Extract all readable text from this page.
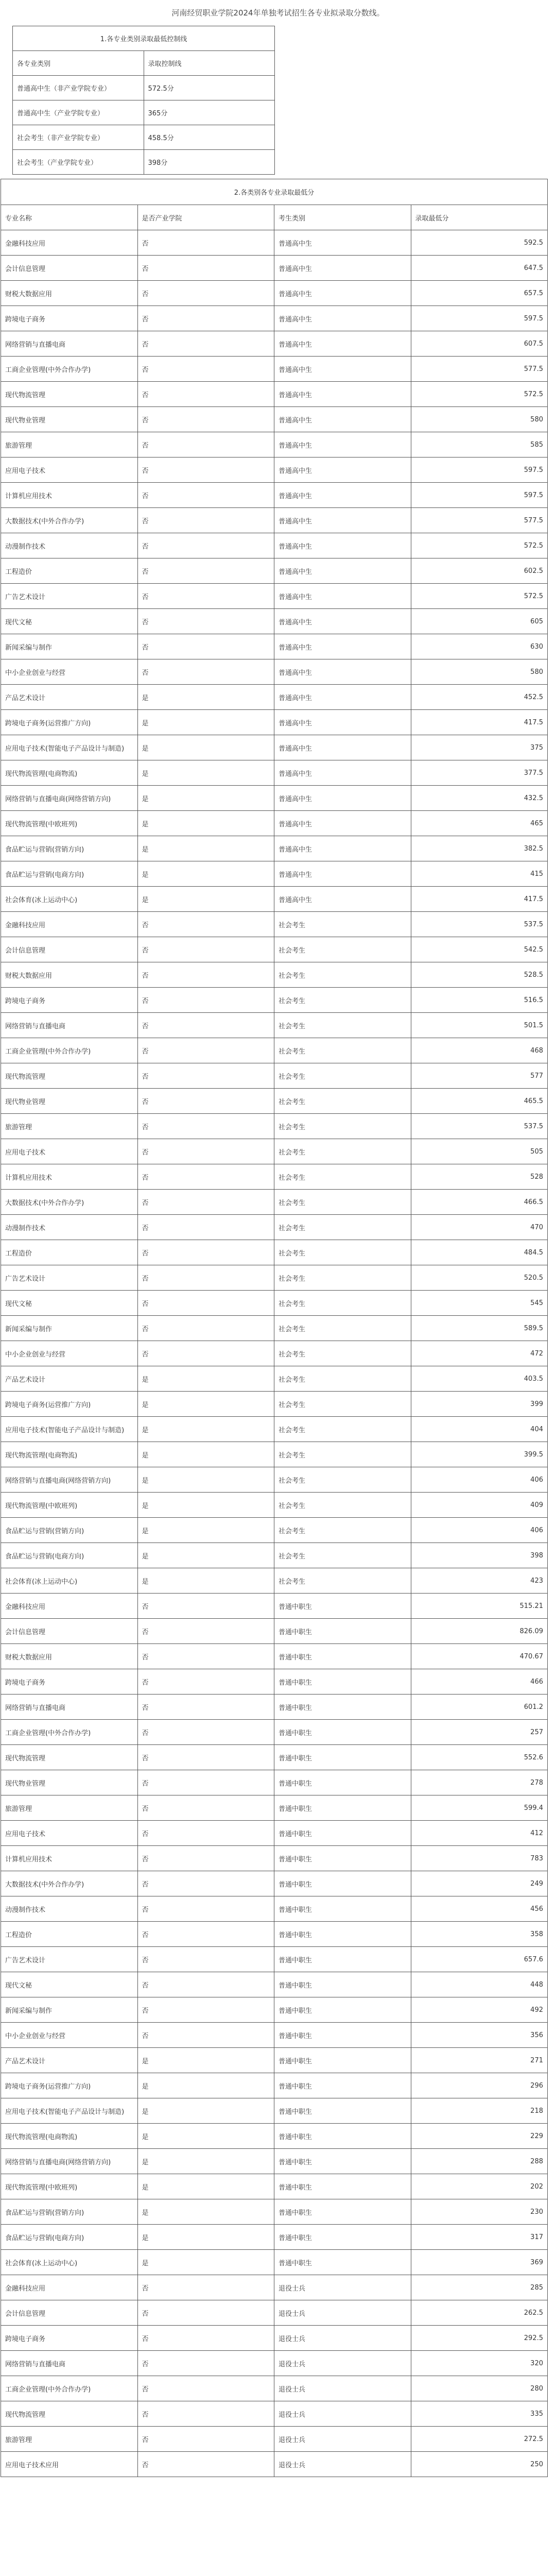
河南经贸职业学院2024年单独考试招生各专业拟录取分数线。
1.各专业类别录取最低控制线	
各专业类别	录取控制线
普通高中生（非产业学院专业）	572.5分
普通高中生（产业学院专业）	365分
社会考生（非产业学院专业）	458.5分
社会考生（产业学院专业）	398分
2.各类别各专业录取最低分			
专业名称	是否产业学院	考生类别	录取最低分
金融科技应用	否	普通高中生	592.5
会计信息管理	否	普通高中生	647.5
财税大数据应用	否	普通高中生	657.5
跨境电子商务	否	普通高中生	597.5
网络营销与直播电商	否	普通高中生	607.5
工商企业管理(中外合作办学)	否	普通高中生	577.5
现代物流管理	否	普通高中生	572.5
现代物业管理	否	普通高中生	580
旅游管理	否	普通高中生	585
应用电子技术	否	普通高中生	597.5
计算机应用技术	否	普通高中生	597.5
大数据技术(中外合作办学)	否	普通高中生	577.5
动漫制作技术	否	普通高中生	572.5
工程造价	否	普通高中生	602.5
广告艺术设计	否	普通高中生	572.5
现代文秘	否	普通高中生	605
新闻采编与制作	否	普通高中生	630
中小企业创业与经营	否	普通高中生	580
产品艺术设计	是	普通高中生	452.5
跨境电子商务(运营推广方向)	是	普通高中生	417.5
应用电子技术(智能电子产品设计与制造)	是	普通高中生	375
现代物流管理(电商物流)	是	普通高中生	377.5
网络营销与直播电商(网络营销方向)	是	普通高中生	432.5
现代物流管理(中欧班列)	是	普通高中生	465
食品贮运与营销(营销方向)	是	普通高中生	382.5
食品贮运与营销(电商方向)	是	普通高中生	415
社会体育(冰上运动中心)	是	普通高中生	417.5
金融科技应用	否	社会考生	537.5
会计信息管理	否	社会考生	542.5
财税大数据应用	否	社会考生	528.5
跨境电子商务	否	社会考生	516.5
网络营销与直播电商	否	社会考生	501.5
工商企业管理(中外合作办学)	否	社会考生	468
现代物流管理	否	社会考生	577
现代物业管理	否	社会考生	465.5
旅游管理	否	社会考生	537.5
应用电子技术	否	社会考生	505
计算机应用技术	否	社会考生	528
大数据技术(中外合作办学)	否	社会考生	466.5
动漫制作技术	否	社会考生	470
工程造价	否	社会考生	484.5
广告艺术设计	否	社会考生	520.5
现代文秘	否	社会考生	545
新闻采编与制作	否	社会考生	589.5
中小企业创业与经营	否	社会考生	472
产品艺术设计	是	社会考生	403.5
跨境电子商务(运营推广方向)	是	社会考生	399
应用电子技术(智能电子产品设计与制造)	是	社会考生	404
现代物流管理(电商物流)	是	社会考生	399.5
网络营销与直播电商(网络营销方向)	是	社会考生	406
现代物流管理(中欧班列)	是	社会考生	409
食品贮运与营销(营销方向)	是	社会考生	406
食品贮运与营销(电商方向)	是	社会考生	398
社会体育(冰上运动中心)	是	社会考生	423
金融科技应用	否	普通中职生	515.21
会计信息管理	否	普通中职生	826.09
财税大数据应用	否	普通中职生	470.67
跨境电子商务	否	普通中职生	466
网络营销与直播电商	否	普通中职生	601.2
工商企业管理(中外合作办学)	否	普通中职生	257
现代物流管理	否	普通中职生	552.6
现代物业管理	否	普通中职生	278
旅游管理	否	普通中职生	599.4
应用电子技术	否	普通中职生	412
计算机应用技术	否	普通中职生	783
大数据技术(中外合作办学)	否	普通中职生	249
动漫制作技术	否	普通中职生	456
工程造价	否	普通中职生	358
广告艺术设计	否	普通中职生	657.6
现代文秘	否	普通中职生	448
新闻采编与制作	否	普通中职生	492
中小企业创业与经营	否	普通中职生	356
产品艺术设计	是	普通中职生	271
跨境电子商务(运营推广方向)	是	普通中职生	296
应用电子技术(智能电子产品设计与制造)	是	普通中职生	218
现代物流管理(电商物流)	是	普通中职生	229
网络营销与直播电商(网络营销方向)	是	普通中职生	288
现代物流管理(中欧班列)	是	普通中职生	202
食品贮运与营销(营销方向)	是	普通中职生	230
食品贮运与营销(电商方向)	是	普通中职生	317
社会体育(冰上运动中心)	是	普通中职生	369
金融科技应用	否	退役士兵	285
会计信息管理	否	退役士兵	262.5
跨境电子商务	否	退役士兵	292.5
网络营销与直播电商	否	退役士兵	320
工商企业管理(中外合作办学)	否	退役士兵	280
现代物流管理	否	退役士兵	335
旅游管理	否	退役士兵	272.5
应用电子技术应用	否	退役士兵	250
